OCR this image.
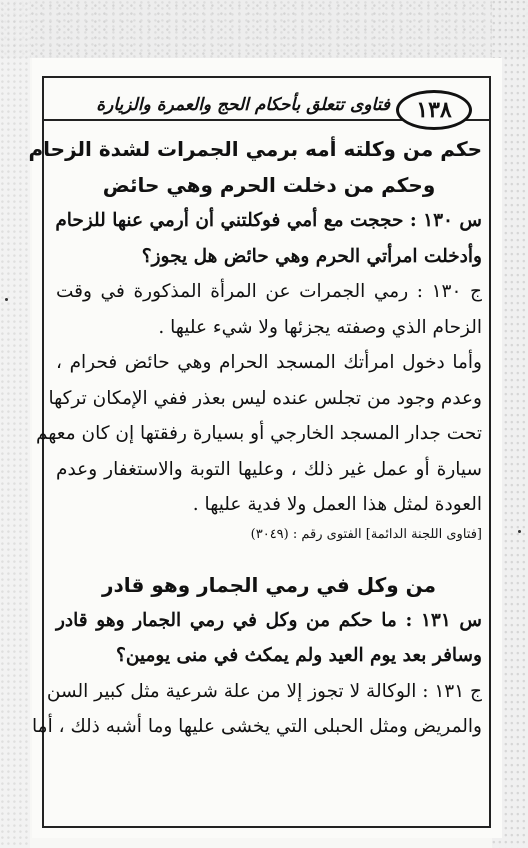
١٣٨
فتاوى تتعلق بأحكام الحج والعمرة والزيارة
حكم من وكلته أمه برمي الجمرات لشدة الزحام
وحكم من دخلت الحرم وهي حائض
س ١٣٠ : حججت مع أمي فوكلتني أن أرمي عنها للزحام
وأدخلت امرأتي الحرم وهي حائض هل يجوز؟
ج ١٣٠ : رمي الجمرات عن المرأة المذكورة في وقت
الزحام الذي وصفته يجزئها ولا شيء عليها .
وأما دخول امرأتك المسجد الحرام وهي حائض فحرام ،
وعدم وجود من تجلس عنده ليس بعذر ففي الإمكان تركها
تحت جدار المسجد الخارجي أو بسيارة رفقتها إن كان معهم
سيارة أو عمل غير ذلك ، وعليها التوبة والاستغفار وعدم
العودة لمثل هذا العمل ولا فدية عليها .
[فتاوى اللجنة الدائمة] الفتوى رقم : (٣٠٤٩)
من وكل في رمي الجمار وهو قادر
س ١٣١ : ما حكم من وكل في رمي الجمار وهو قادر
وسافر بعد يوم العيد ولم يمكث في منى يومين؟
ج ١٣١ : الوكالة لا تجوز إلا من علة شرعية مثل كبير السن
والمريض ومثل الحبلى التي يخشى عليها وما أشبه ذلك ، أما
